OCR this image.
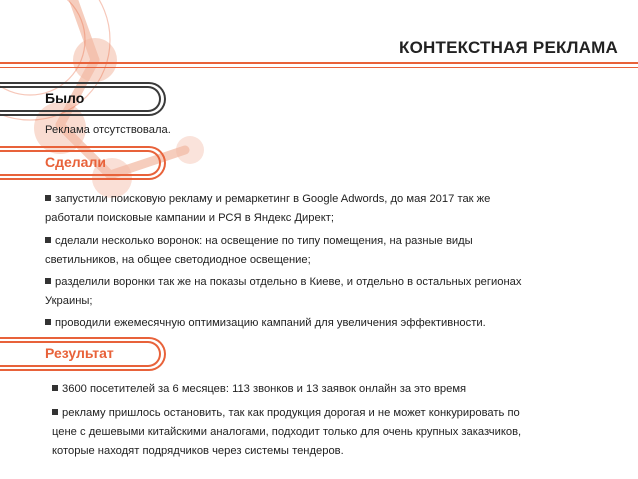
КОНТЕКСТНАЯ РЕКЛАМА
Было
Реклама отсутствовала.
Сделали
запустили поисковую рекламу и ремаркетинг в Google Adwords, до мая 2017 так же
работали поисковые кампании и РСЯ в Яндекс Директ;
сделали несколько воронок: на освещение по типу помещения, на разные виды
светильников, на общее светодиодное освещение;
разделили воронки так же на показы отдельно в Киеве, и отдельно в остальных регионах
Украины;
проводили ежемесячную оптимизацию кампаний для увеличения эффективности.
Результат
3600 посетителей за 6 месяцев: 113 звонков и 13 заявок онлайн за это время
рекламу пришлось остановить, так как продукция дорогая и не может конкурировать по
цене с дешевыми китайскими аналогами, подходит только для очень крупных заказчиков,
которые находят подрядчиков через системы тендеров.
